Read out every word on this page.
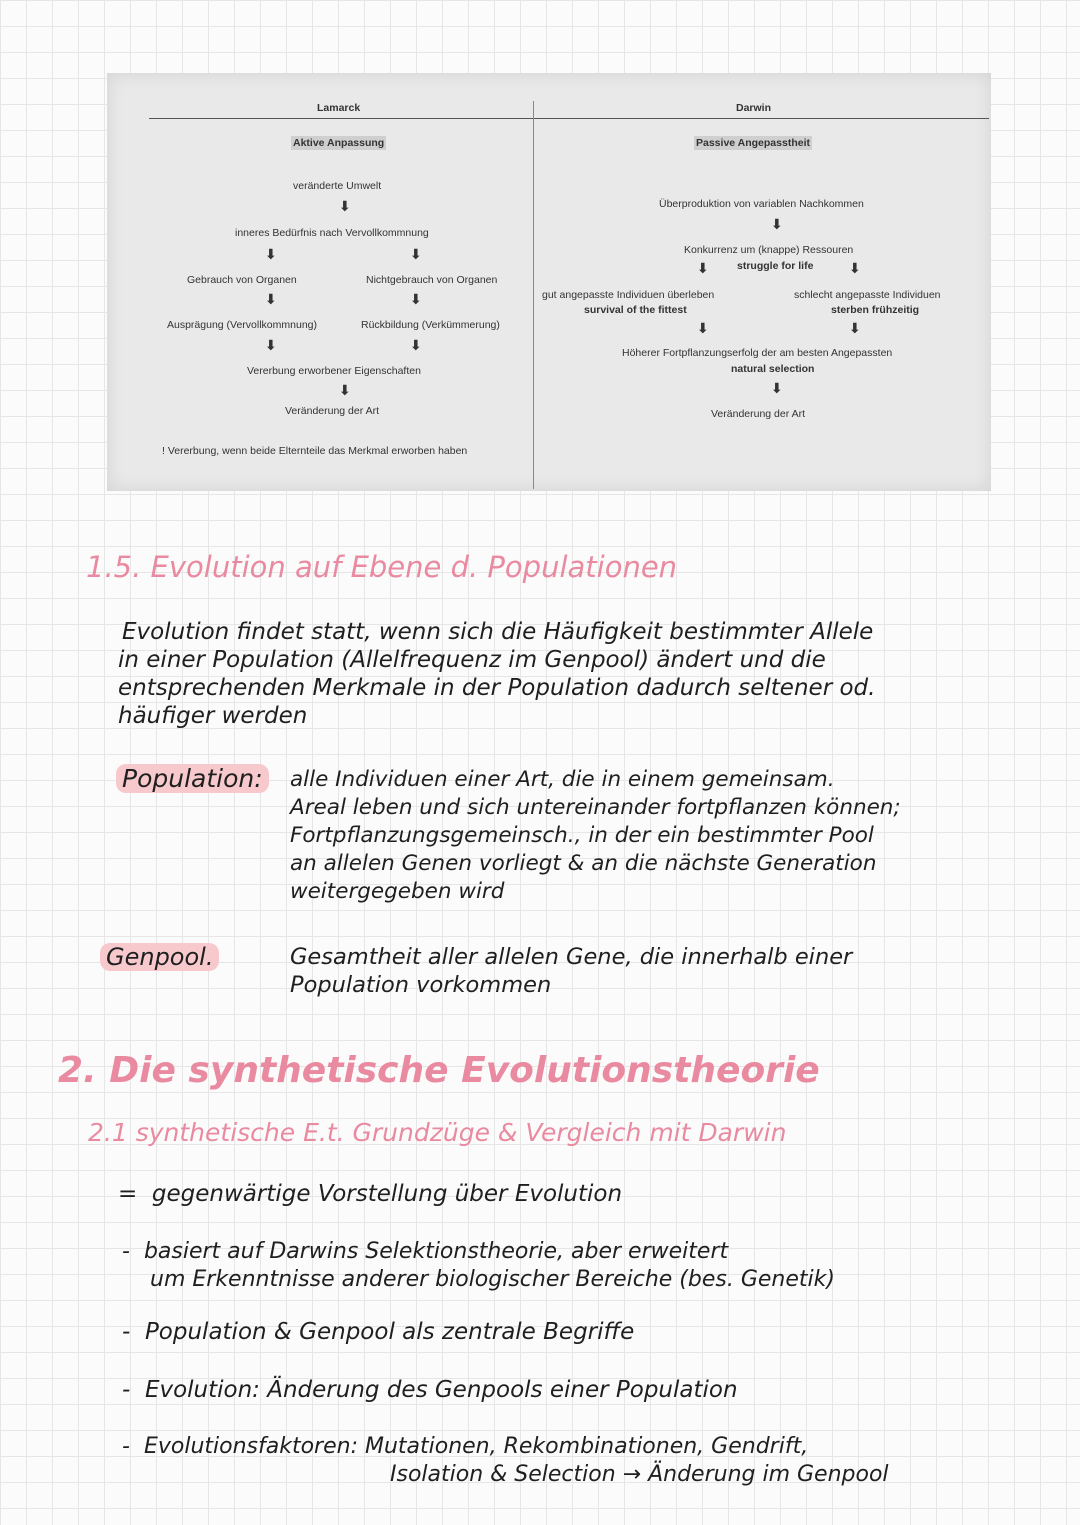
Lamarck
Aktive Anpassung
veränderte Umwelt
⬇
inneres Bedürfnis nach Vervollkommnung
⬇	⬇
Gebrauch von Organen	Nichtgebrauch von Organen
⬇	⬇
Ausprägung (Vervollkommnung)	Rückbildung (Verkümmerung)
⬇	⬇
Vererbung erworbener Eigenschaften
⬇
Veränderung der Art
! Vererbung, wenn beide Elternteile das Merkmal erworben haben
Darwin
Passive Angepasstheit
Überproduktion von variablen Nachkommen
⬇
Konkurrenz um (knappe) Ressouren
struggle for life
⬇	⬇
gut angepasste Individuen überleben
survival of the fittest
schlecht angepasste Individuen
sterben frühzeitig
⬇	⬇
Höherer Fortpflanzungserfolg der am besten Angepassten
natural selection
⬇
Veränderung der Art
1.5. Evolution auf Ebene d. Populationen
Evolution findet statt, wenn sich die Häufigkeit bestimmter Allele
in einer Population (Allelfrequenz im Genpool) ändert und die
entsprechenden Merkmale in der Population dadurch seltener od.
häufiger werden
Population: alle Individuen einer Art, die in einem gemeinsam.
Areal leben und sich untereinander fortpflanzen können;
Fortpflanzungsgemeinsch., in der ein bestimmter Pool
an allelen Genen vorliegt & an die nächste Generation
weitergegeben wird
Genpool.	Gesamtheit aller allelen Gene, die innerhalb einer
Population vorkommen
2. Die synthetische Evolutionstheorie
2.1 synthetische E.t. Grundzüge & Vergleich mit Darwin
= gegenwärtige Vorstellung über Evolution
- basiert auf Darwins Selektionstheorie, aber erweitert
um Erkenntnisse anderer biologischer Bereiche (bes. Genetik)
- Population & Genpool als zentrale Begriffe
- Evolution: Änderung des Genpools einer Population
- Evolutionsfaktoren: Mutationen, Rekombinationen, Gendrift,
Isolation & Selection → Änderung im Genpool
